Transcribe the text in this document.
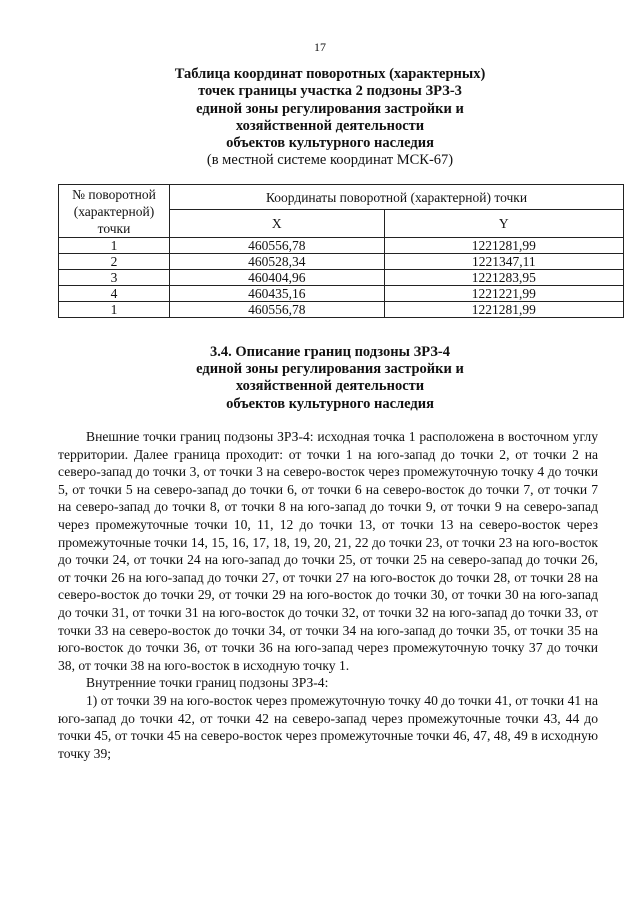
17
Таблица координат поворотных (характерных)
точек границы участка 2 подзоны ЗРЗ-3
единой зоны регулирования застройки и
хозяйственной деятельности
объектов культурного наследия
(в местной системе координат МСК-67)
№ поворотной (характерной) точки	Координаты поворотной (характерной) точки	
	X	Y
1	460556,78	1221281,99
2	460528,34	1221347,11
3	460404,96	1221283,95
4	460435,16	1221221,99
1	460556,78	1221281,99
3.4. Описание границ подзоны ЗРЗ-4
единой зоны регулирования застройки и
хозяйственной деятельности
объектов культурного наследия

Внешние точки границ подзоны ЗРЗ-4: исходная точка 1 расположена в восточном углу территории. Далее граница проходит: от точки 1 на юго-запад до точки 2, от точки 2 на северо-запад до точки 3, от точки 3 на северо-восток через промежуточную точку 4 до точки 5, от точки 5 на северо-запад до точки 6, от точки 6 на северо-восток до точки 7, от точки 7 на северо-запад до точки 8, от точки 8 на юго-запад до точки 9, от точки 9 на северо-запад через промежуточные точки 10, 11, 12 до точки 13, от точки 13 на северо-восток через промежуточные точки 14, 15, 16, 17, 18, 19, 20, 21, 22 до точки 23, от точки 23 на юго-восток до точки 24, от точки 24 на юго-запад до точки 25, от точки 25 на северо-запад до точки 26, от точки 26 на юго-запад до точки 27, от точки 27 на юго-восток до точки 28, от точки 28 на северо-восток до точки 29, от точки 29 на юго-восток до точки 30, от точки 30 на юго-запад до точки 31, от точки 31 на юго-восток до точки 32, от точки 32 на юго-запад до точки 33, от точки 33 на северо-восток до точки 34, от точки 34 на юго-запад до точки 35, от точки 35 на юго-восток до точки 36, от точки 36 на юго-запад через промежуточную точку 37 до точки 38, от точки 38 на юго-восток в исходную точку 1.

Внутренние точки границ подзоны ЗРЗ-4:

1) от точки 39 на юго-восток через промежуточную точку 40 до точки 41, от точки 41 на юго-запад до точки 42, от точки 42 на северо-запад через промежуточные точки 43, 44 до точки 45, от точки 45 на северо-восток через промежуточные точки 46, 47, 48, 49 в исходную точку 39;
